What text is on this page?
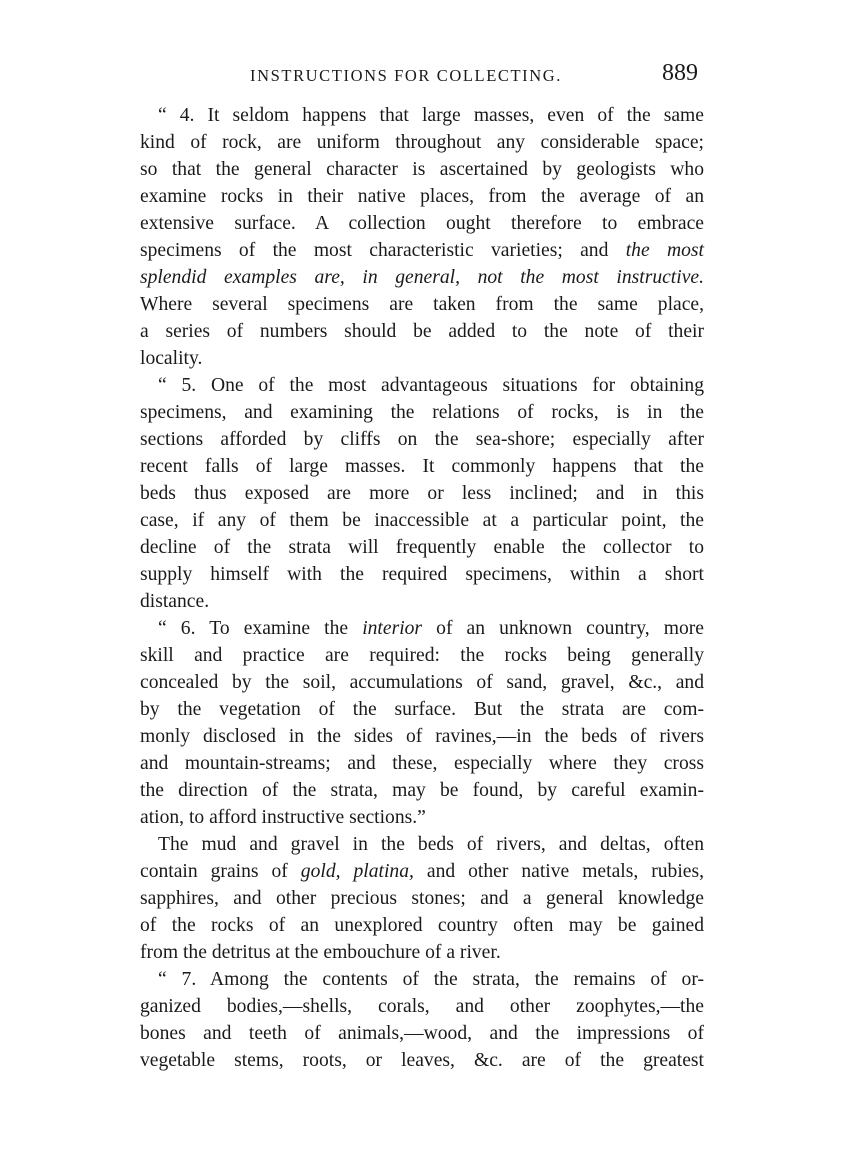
INSTRUCTIONS FOR COLLECTING.	889

“ 4. It seldom happens that large masses, even of the same
kind of rock, are uniform throughout any considerable space;
so that the general character is ascertained by geologists who
examine rocks in their native places, from the average of an
extensive surface. A collection ought therefore to embrace
specimens of the most characteristic varieties; and the most
splendid examples are, in general, not the most instructive.
Where several specimens are taken from the same place,
a series of numbers should be added to the note of their
locality.

“ 5. One of the most advantageous situations for obtaining
specimens, and examining the relations of rocks, is in the
sections afforded by cliffs on the sea-shore; especially after
recent falls of large masses. It commonly happens that the
beds thus exposed are more or less inclined; and in this
case, if any of them be inaccessible at a particular point, the
decline of the strata will frequently enable the collector to
supply himself with the required specimens, within a short
distance.

“ 6. To examine the interior of an unknown country, more
skill and practice are required: the rocks being generally
concealed by the soil, accumulations of sand, gravel, &c., and
by the vegetation of the surface. But the strata are com-
monly disclosed in the sides of ravines,—in the beds of rivers
and mountain-streams; and these, especially where they cross
the direction of the strata, may be found, by careful examin-
ation, to afford instructive sections.”

The mud and gravel in the beds of rivers, and deltas, often
contain grains of gold, platina, and other native metals, rubies,
sapphires, and other precious stones; and a general knowledge
of the rocks of an unexplored country often may be gained
from the detritus at the embouchure of a river.

“ 7. Among the contents of the strata, the remains of or-
ganized bodies,—shells, corals, and other zoophytes,—the
bones and teeth of animals,—wood, and the impressions of
vegetable stems, roots, or leaves, &c. are of the greatest
